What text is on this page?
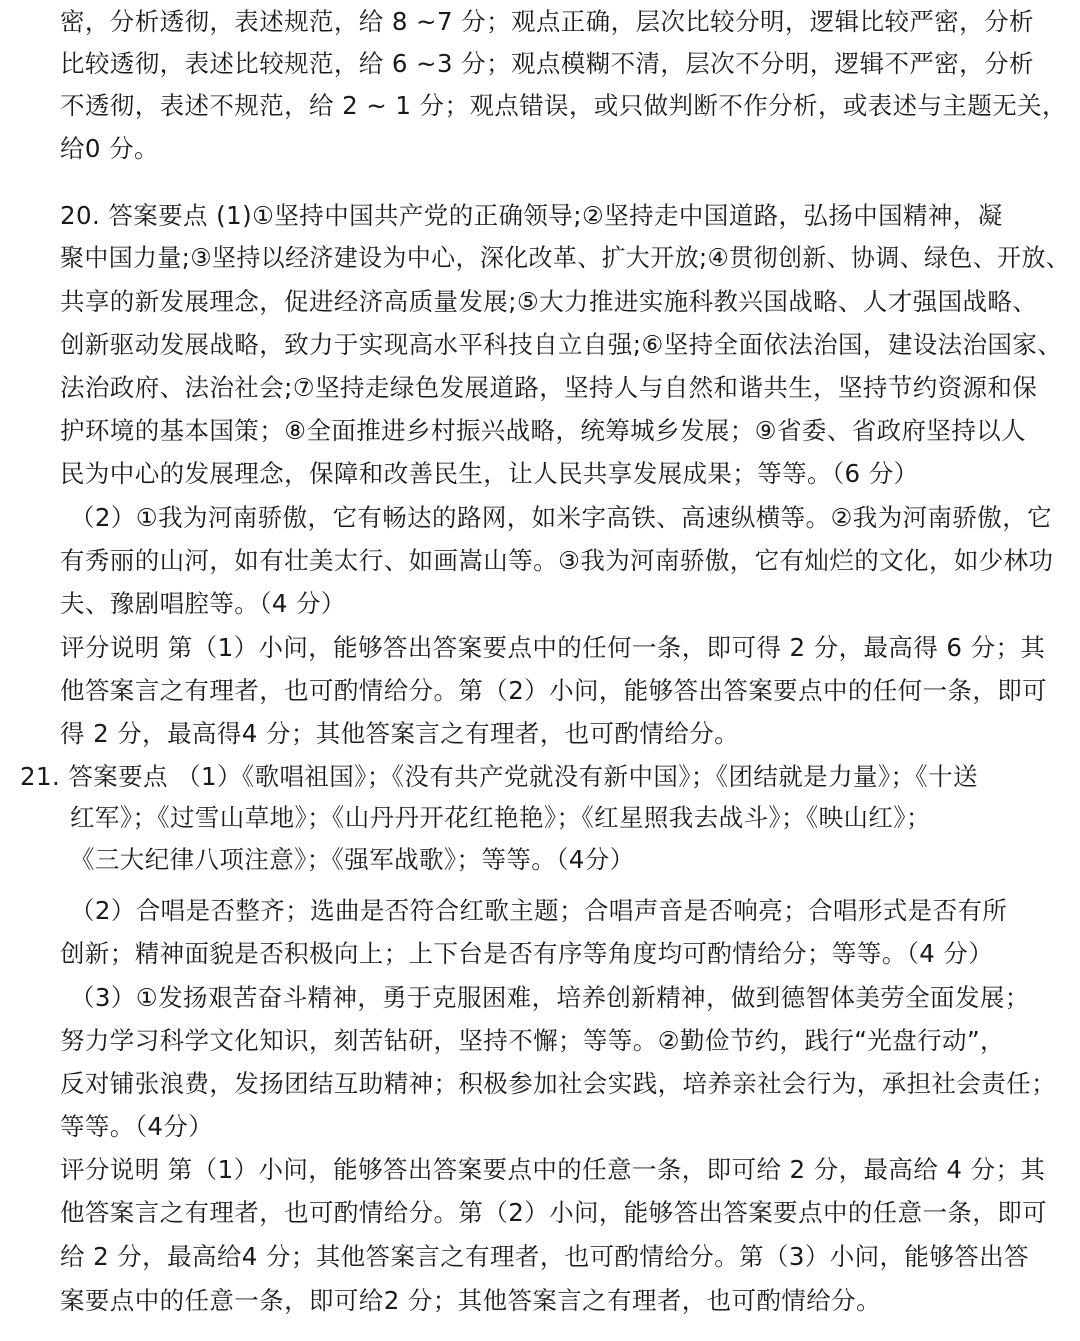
密，分析透彻，表述规范，给 8 ~7 分；观点正确，层次比较分明，逻辑比较严密，分析
比较透彻，表述比较规范，给 6 ~3 分；观点模糊不清，层次不分明，逻辑不严密，分析
不透彻，表述不规范，给 2 ~ 1 分；观点错误，或只做判断不作分析，或表述与主题无关，
给0 分。
20. 答案要点 (1)①坚持中国共产党的正确领导;②坚持走中国道路，弘扬中国精神，凝
聚中国力量;③坚持以经济建设为中心，深化改革、扩大开放;④贯彻创新、协调、绿色、开放、
共享的新发展理念，促进经济高质量发展;⑤大力推进实施科教兴国战略、人才强国战略、
创新驱动发展战略，致力于实现高水平科技自立自强;⑥坚持全面依法治国，建设法治国家、
法治政府、法治社会;⑦坚持走绿色发展道路，坚持人与自然和谐共生，坚持节约资源和保
护环境的基本国策；⑧全面推进乡村振兴战略，统筹城乡发展；⑨省委、省政府坚持以人
民为中心的发展理念，保障和改善民生，让人民共享发展成果；等等。（6 分）
（2）①我为河南骄傲，它有畅达的路网，如米字高铁、高速纵横等。②我为河南骄傲，它
有秀丽的山河，如有壮美太行、如画嵩山等。③我为河南骄傲，它有灿烂的文化，如少林功
夫、豫剧唱腔等。（4 分）
评分说明 第（1）小问，能够答出答案要点中的任何一条，即可得 2 分，最高得 6 分；其
他答案言之有理者，也可酌情给分。第（2）小问，能够答出答案要点中的任何一条，即可
得 2 分，最高得4 分；其他答案言之有理者，也可酌情给分。
21. 答案要点 （1）《歌唱祖国》；《没有共产党就没有新中国》；《团结就是力量》；《十送
红军》；《过雪山草地》；《山丹丹开花红艳艳》；《红星照我去战斗》；《映山红》；
《三大纪律八项注意》；《强军战歌》；等等。（4分）
（2）合唱是否整齐；选曲是否符合红歌主题；合唱声音是否响亮；合唱形式是否有所
创新；精神面貌是否积极向上；上下台是否有序等角度均可酌情给分；等等。（4 分）
（3）①发扬艰苦奋斗精神，勇于克服困难，培养创新精神，做到德智体美劳全面发展；
努力学习科学文化知识，刻苦钻研，坚持不懈；等等。②勤俭节约，践行“光盘行动”，
反对铺张浪费，发扬团结互助精神；积极参加社会实践，培养亲社会行为，承担社会责任；
等等。（4分）
评分说明 第（1）小问，能够答出答案要点中的任意一条，即可给 2 分，最高给 4 分；其
他答案言之有理者，也可酌情给分。第（2）小问，能够答出答案要点中的任意一条，即可
给 2 分，最高给4 分；其他答案言之有理者，也可酌情给分。第（3）小问，能够答出答
案要点中的任意一条，即可给2 分；其他答案言之有理者，也可酌情给分。
